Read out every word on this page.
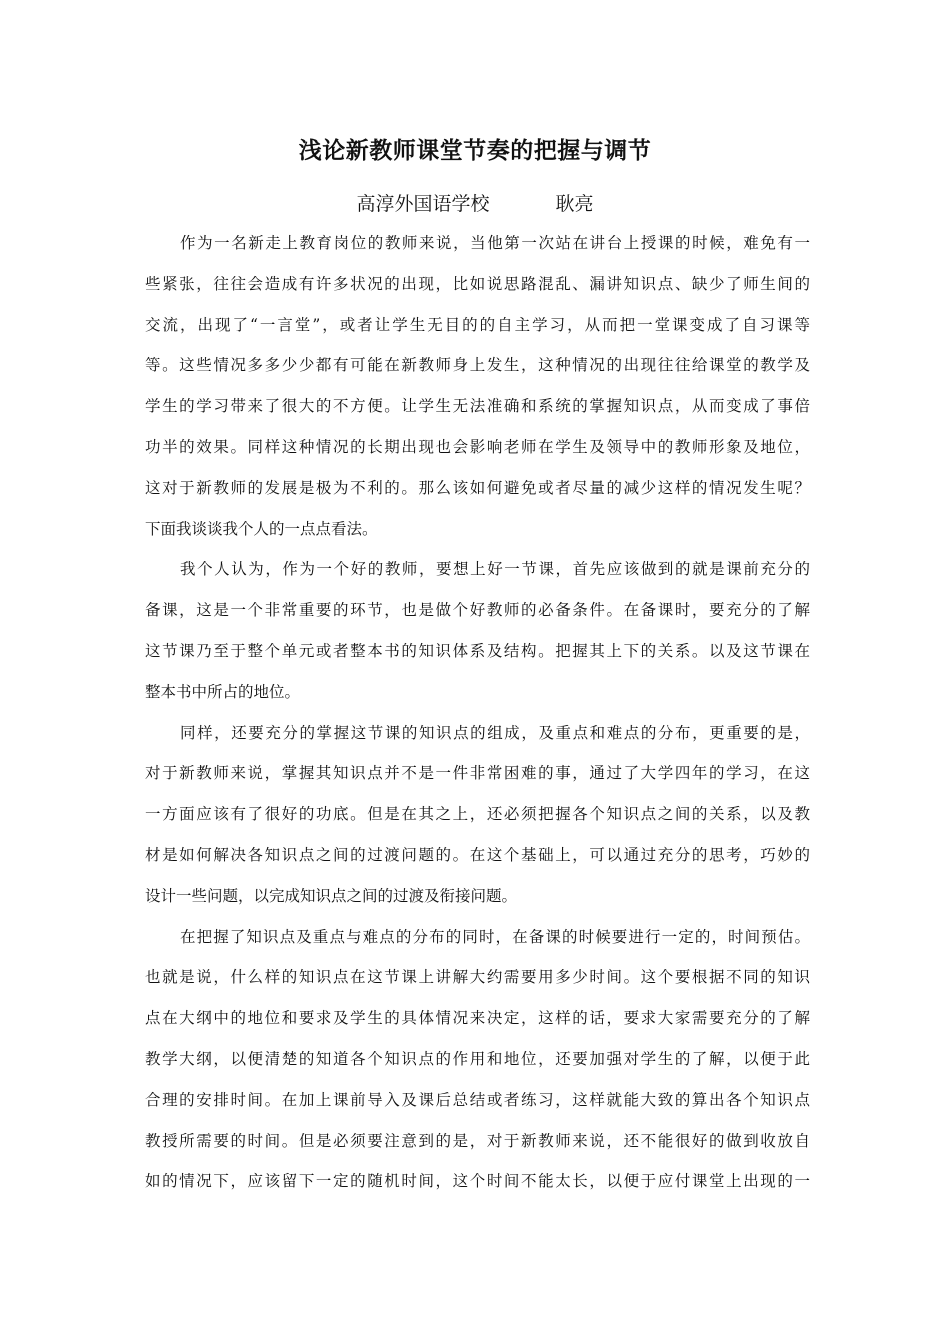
浅论新教师课堂节奏的把握与调节
高淳外国语学校	耿亮
作为一名新走上教育岗位的教师来说，当他第一次站在讲台上授课的时候，难免有一
些紧张，往往会造成有许多状况的出现，比如说思路混乱、漏讲知识点、缺少了师生间的
交流，出现了“一言堂”，或者让学生无目的的自主学习，从而把一堂课变成了自习课等
等。这些情况多多少少都有可能在新教师身上发生，这种情况的出现往往给课堂的教学及
学生的学习带来了很大的不方便。让学生无法准确和系统的掌握知识点，从而变成了事倍
功半的效果。同样这种情况的长期出现也会影响老师在学生及领导中的教师形象及地位，
这对于新教师的发展是极为不利的。那么该如何避免或者尽量的减少这样的情况发生呢？
下面我谈谈我个人的一点点看法。
我个人认为，作为一个好的教师，要想上好一节课，首先应该做到的就是课前充分的
备课，这是一个非常重要的环节，也是做个好教师的必备条件。在备课时，要充分的了解
这节课乃至于整个单元或者整本书的知识体系及结构。把握其上下的关系。以及这节课在
整本书中所占的地位。
同样，还要充分的掌握这节课的知识点的组成，及重点和难点的分布，更重要的是，
对于新教师来说，掌握其知识点并不是一件非常困难的事，通过了大学四年的学习，在这
一方面应该有了很好的功底。但是在其之上，还必须把握各个知识点之间的关系，以及教
材是如何解决各知识点之间的过渡问题的。在这个基础上，可以通过充分的思考，巧妙的
设计一些问题，以完成知识点之间的过渡及衔接问题。
在把握了知识点及重点与难点的分布的同时，在备课的时候要进行一定的，时间预估。
也就是说，什么样的知识点在这节课上讲解大约需要用多少时间。这个要根据不同的知识
点在大纲中的地位和要求及学生的具体情况来决定，这样的话，要求大家需要充分的了解
教学大纲，以便清楚的知道各个知识点的作用和地位，还要加强对学生的了解，以便于此
合理的安排时间。在加上课前导入及课后总结或者练习，这样就能大致的算出各个知识点
教授所需要的时间。但是必须要注意到的是，对于新教师来说，还不能很好的做到收放自
如的情况下，应该留下一定的随机时间，这个时间不能太长，以便于应付课堂上出现的一
